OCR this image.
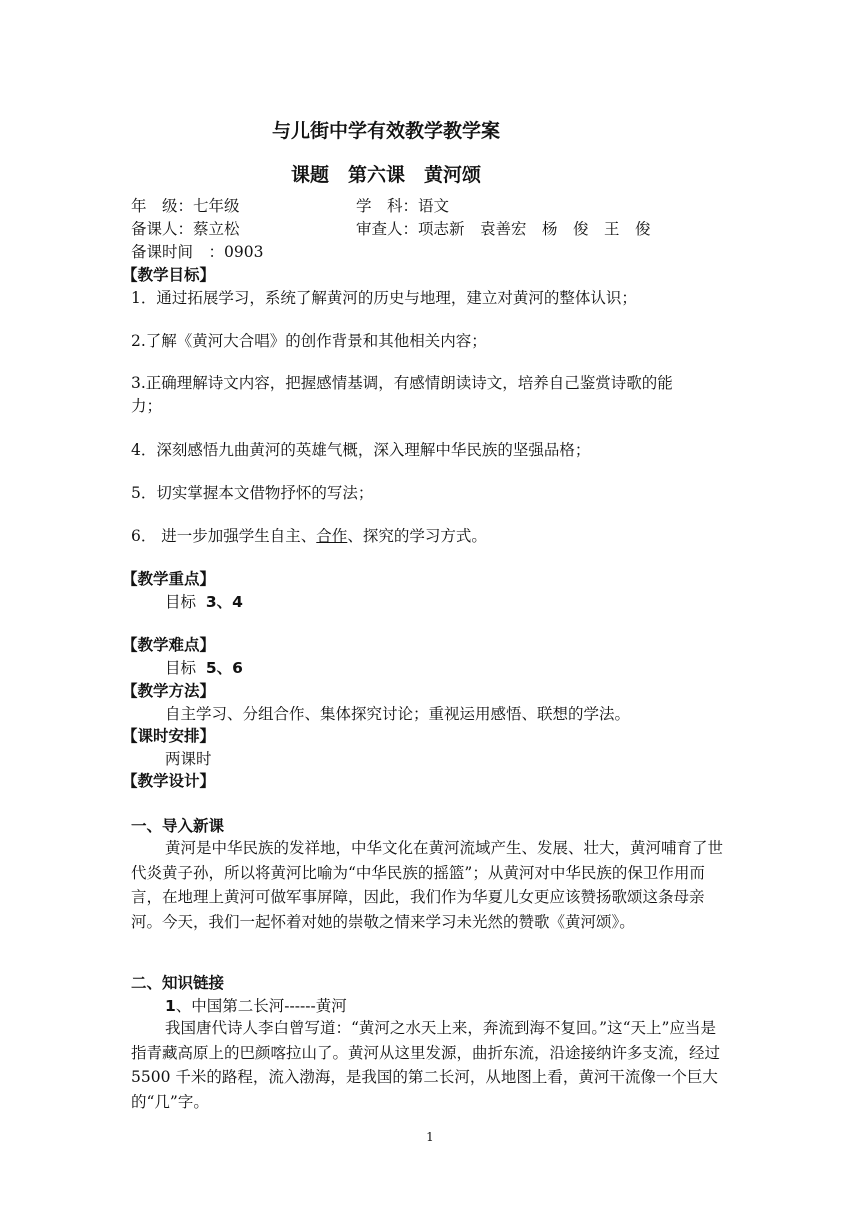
与儿街中学有效教学教学案
课题　第六课　黄河颂
年　级：七年级	学　科：语文
备课人：蔡立松	审查人：项志新　袁善宏　杨　俊　王　俊
备课时间　：0903
【教学目标】
1．通过拓展学习，系统了解黄河的历史与地理，建立对黄河的整体认识；
2.了解《黄河大合唱》的创作背景和其他相关内容；
3.正确理解诗文内容，把握感情基调，有感情朗读诗文，培养自己鉴赏诗歌的能
力；
4．深刻感悟九曲黄河的英雄气概，深入理解中华民族的坚强品格；
5．切实掌握本文借物抒怀的写法；
6． 进一步加强学生自主、合作、探究的学习方式。
【教学重点】
目标 3、4
【教学难点】
目标 5、6
【教学方法】
自主学习、分组合作、集体探究讨论；重视运用感悟、联想的学法。
【课时安排】
两课时
【教学设计】
一、导入新课
黄河是中华民族的发祥地，中华文化在黄河流域产生、发展、壮大，黄河哺育了世代炎黄子孙，所以将黄河比喻为“中华民族的摇篮”；从黄河对中华民族的保卫作用而言，在地理上黄河可做军事屏障，因此，我们作为华夏儿女更应该赞扬歌颂这条母亲河。今天，我们一起怀着对她的崇敬之情来学习未光然的赞歌《黄河颂》。
二、知识链接
1、中国第二长河------黄河
我国唐代诗人李白曾写道：“黄河之水天上来，奔流到海不复回。”这“天上”应当是指青藏高原上的巴颜喀拉山了。黄河从这里发源，曲折东流，沿途接纳许多支流，经过 5500 千米的路程，流入渤海，是我国的第二长河，从地图上看，黄河干流像一个巨大的“几”字。
1
